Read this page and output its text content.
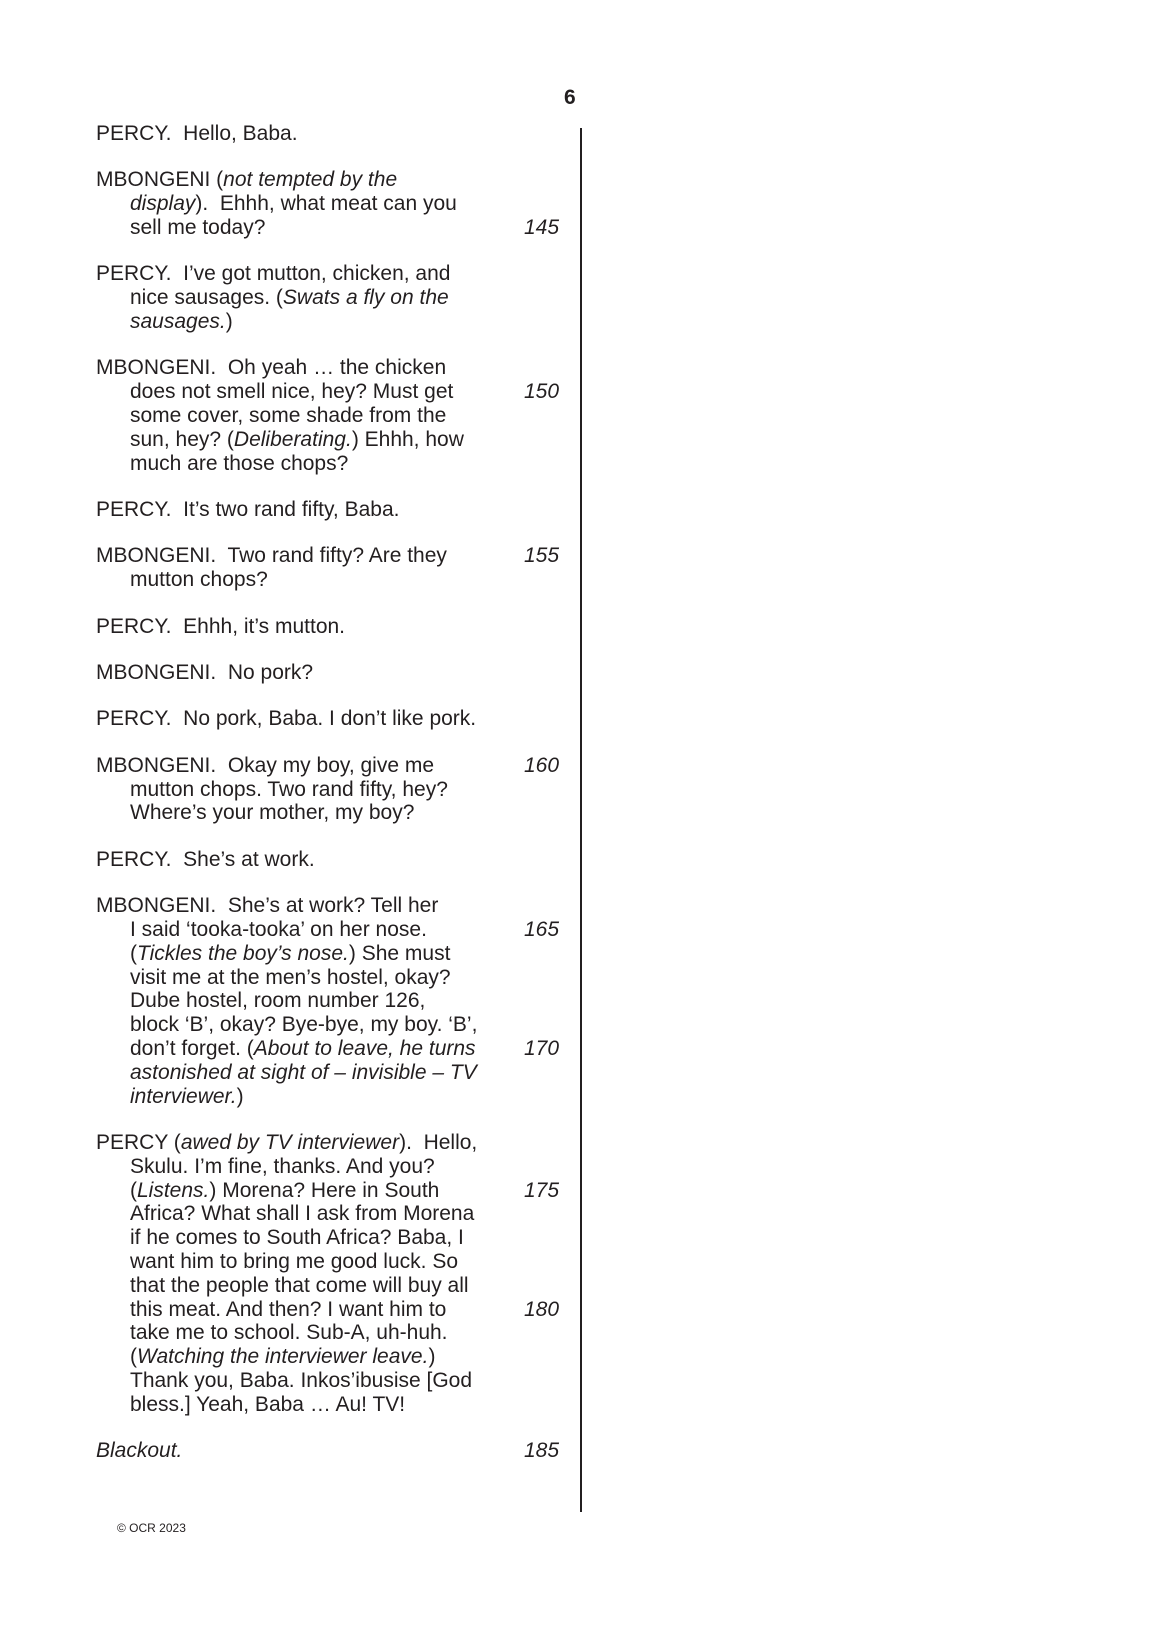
6
PERCY.  Hello, Baba.
MBONGENI (not tempted by the
display).  Ehhh, what meat can you
sell me today?
PERCY.  I’ve got mutton, chicken, and
nice sausages. (Swats a fly on the
sausages.)
MBONGENI.  Oh yeah … the chicken
does not smell nice, hey? Must get
some cover, some shade from the
sun, hey? (Deliberating.) Ehhh, how
much are those chops?
PERCY.  It’s two rand fifty, Baba.
MBONGENI.  Two rand fifty? Are they
mutton chops?
PERCY.  Ehhh, it’s mutton.
MBONGENI.  No pork?
PERCY.  No pork, Baba. I don’t like pork.
MBONGENI.  Okay my boy, give me
mutton chops. Two rand fifty, hey?
Where’s your mother, my boy?
PERCY.  She’s at work.
MBONGENI.  She’s at work? Tell her
I said ‘tooka-tooka’ on her nose.
(Tickles the boy’s nose.) She must
visit me at the men’s hostel, okay?
Dube hostel, room number 126,
block ‘B’, okay? Bye-bye, my boy. ‘B’,
don’t forget. (About to leave, he turns
astonished at sight of – invisible – TV
interviewer.)
PERCY (awed by TV interviewer).  Hello,
Skulu. I’m fine, thanks. And you?
(Listens.) Morena? Here in South
Africa? What shall I ask from Morena
if he comes to South Africa? Baba, I
want him to bring me good luck. So
that the people that come will buy all
this meat. And then? I want him to
take me to school. Sub-A, uh-huh.
(Watching the interviewer leave.)
Thank you, Baba. Inkos’ibusise [God
bless.] Yeah, Baba … Au! TV!
Blackout.
145
150
155
160
165
170
175
180
185
© OCR 2023
